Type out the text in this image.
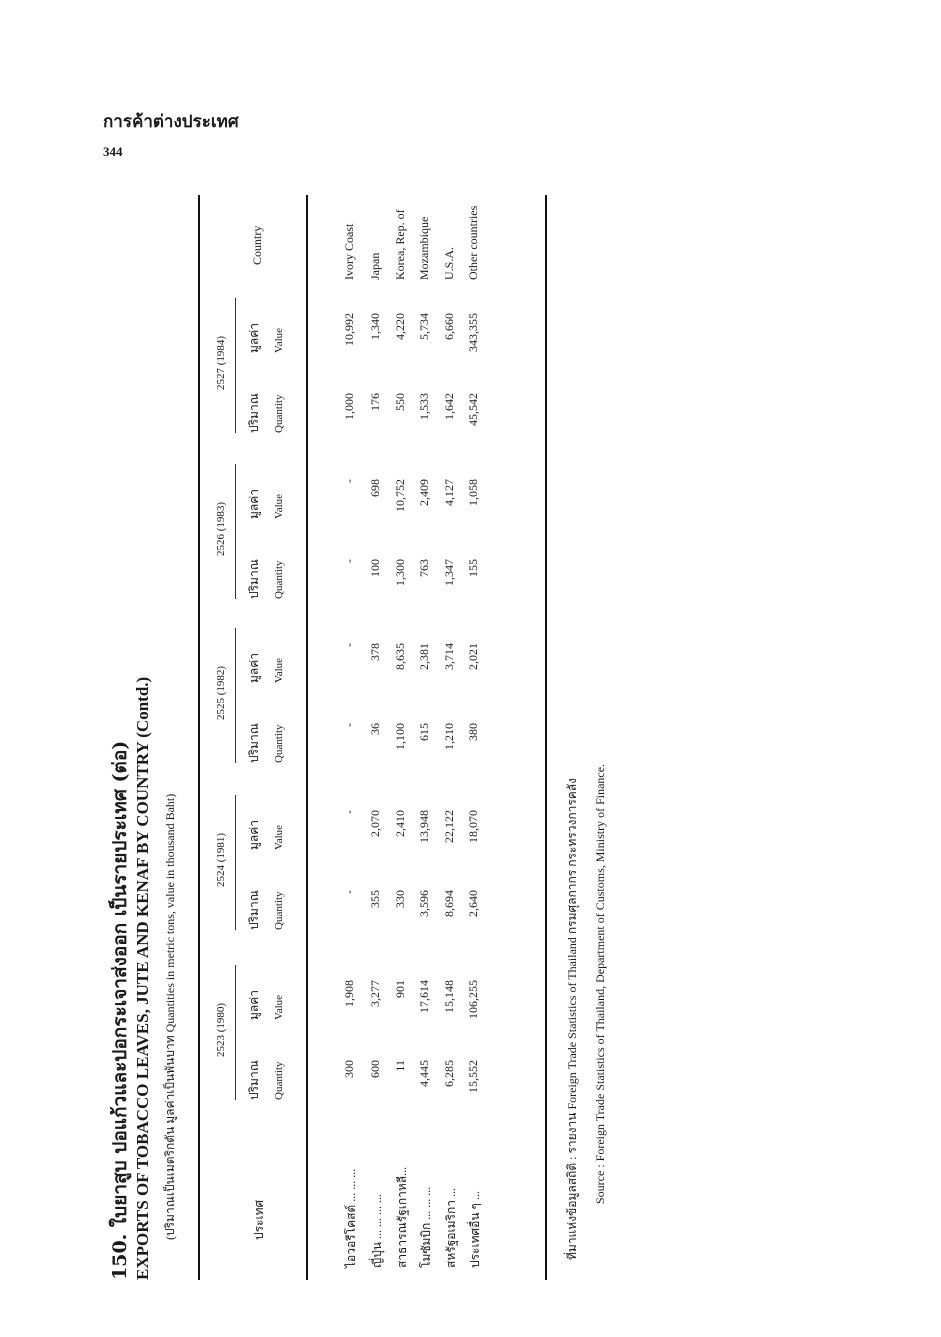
การค้าต่างประเทศ
344
150. ใบยาสูบ ปอแก้วและปอกระเจาส่งออก เป็นรายประเทศ (ต่อ) EXPORTS OF TOBACCO LEAVES, JUTE AND KENAF BY COUNTRY (Contd.) (ปริมาณเป็นเมตริกตัน มูลค่าเป็นพันบาท Quantities in metric tons, value in thousand Baht)	ประเทศ
Country
2523 (1980)
ปริมาณ Quantity
มูลค่า Value
2524 (1981)
ปริมาณ Quantity
มูลค่า Value
2525 (1982)
ปริมาณ Quantity
มูลค่า Value
2526 (1983)
ปริมาณ Quantity
มูลค่า Value
2527 (1984)
ปริมาณ Quantity
มูลค่า Value
ไอวอรีโคสต์ ... ... ...
300
1,908
-
-
-
-
-
-
1,000
10,992
Ivory Coast
ญี่ปุ่น ... ... ... ...
600
3,277
355
2,070
36
378
100
698
176
1,340
Japan
สาธารณรัฐเกาหลี...
11
901
330
2,410
1,100
8,635
1,300
10,752
550
4,220
Korea, Rep. of
โมซัมบิก ... ... ...
4,445
17,614
3,596
13,948
615
2,381
763
2,409
1,533
5,734
Mozambique
สหรัฐอเมริกา ...
6,285
15,148
8,694
22,122
1,210
3,714
1,347
4,127
1,642
6,660
U.S.A.
ประเทศอื่น ๆ ...
15,552
106,255
2,640
18,070
380
2,021
155
1,058
45,542
343,355
Other countries
ที่มาแห่งข้อมูลสถิติ : รายงาน Foreign Trade Statistics of Thailand กรมศุลกากร กระทรวงการคลัง Source : Foreign Trade Statistics of Thailand, Department of Customs, Ministry of Finance.
